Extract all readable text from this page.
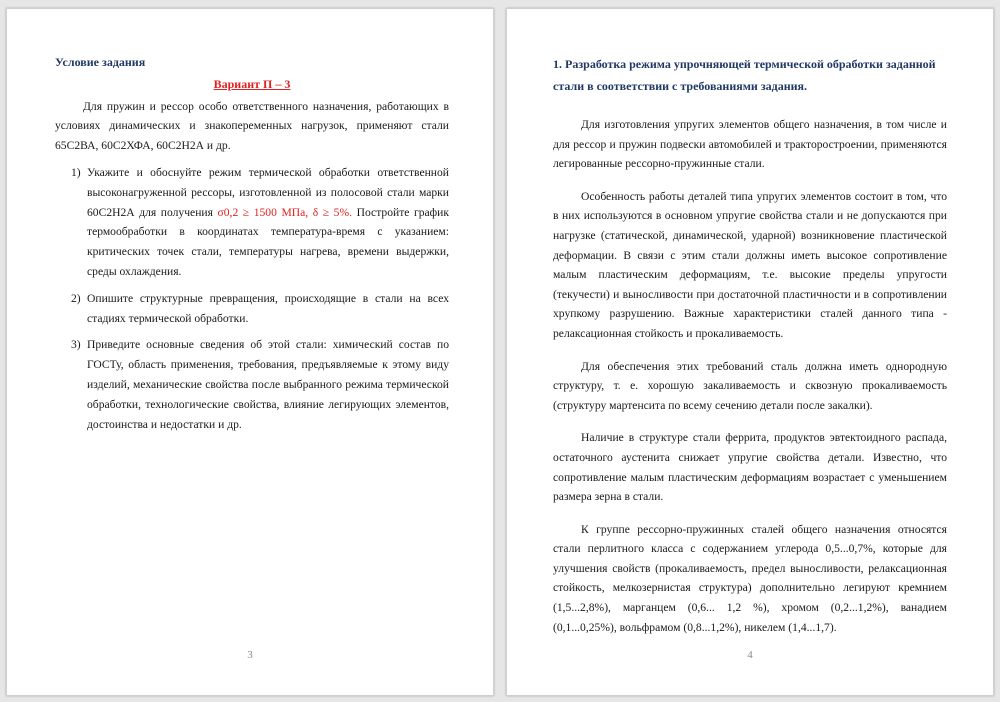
Условие задания
Вариант П – 3

Для пружин и рессор особо ответственного назначения, работающих в условиях динамических и знакопеременных нагрузок, применяют стали 65С2ВА, 60С2ХФА, 60С2Н2А и др.

1) Укажите и обоснуйте режим термической обработки ответственной высоконагруженной рессоры, изготовленной из полосовой стали марки 60С2Н2А для получения σ0,2 ≥ 1500 МПа, δ ≥ 5%. Постройте график термообработки в координатах температура-время с указанием: критических точек стали, температуры нагрева, времени выдержки, среды охлаждения.
2) Опишите структурные превращения, происходящие в стали на всех стадиях термической обработки.
3) Приведите основные сведения об этой стали: химический состав по ГОСТу, область применения, требования, предъявляемые к этому виду изделий, механические свойства после выбранного режима термической обработки, технологические свойства, влияние легирующих элементов, достоинства и недостатки и др.
3
1. Разработка режима упрочняющей термической обработки заданной стали в соответствии с требованиями задания.

Для изготовления упругих элементов общего назначения, в том числе и для рессор и пружин подвески автомобилей и тракторостроении, применяются легированные рессорно-пружинные стали.

Особенность работы деталей типа упругих элементов состоит в том, что в них используются в основном упругие свойства стали и не допускаются при нагрузке (статической, динамической, ударной) возникновение пластической деформации. В связи с этим стали должны иметь высокое сопротивление малым пластическим деформациям, т.е. высокие пределы упругости (текучести) и выносливости при достаточной пластичности и в сопротивлении хрупкому разрушению. Важные характеристики сталей данного типа - релаксационная стойкость и прокаливаемость.

Для обеспечения этих требований сталь должна иметь однородную структуру, т. е. хорошую закаливаемость и сквозную прокаливаемость (структуру мартенсита по всему сечению детали после закалки).

Наличие в структуре стали феррита, продуктов эвтектоидного распада, остаточного аустенита снижает упругие свойства детали. Известно, что сопротивление малым пластическим деформациям возрастает с уменьшением размера зерна в стали.

К группе рессорно-пружинных сталей общего назначения относятся стали перлитного класса с содержанием углерода 0,5...0,7%, которые для улучшения свойств (прокаливаемость, предел выносливости, релаксационная стойкость, мелкозернистая структура) дополнительно легируют кремнием (1,5...2,8%), марганцем (0,6... 1,2 %), хромом (0,2...1,2%), ванадием (0,1...0,25%), вольфрамом (0,8...1,2%), никелем (1,4...1,7).

4
